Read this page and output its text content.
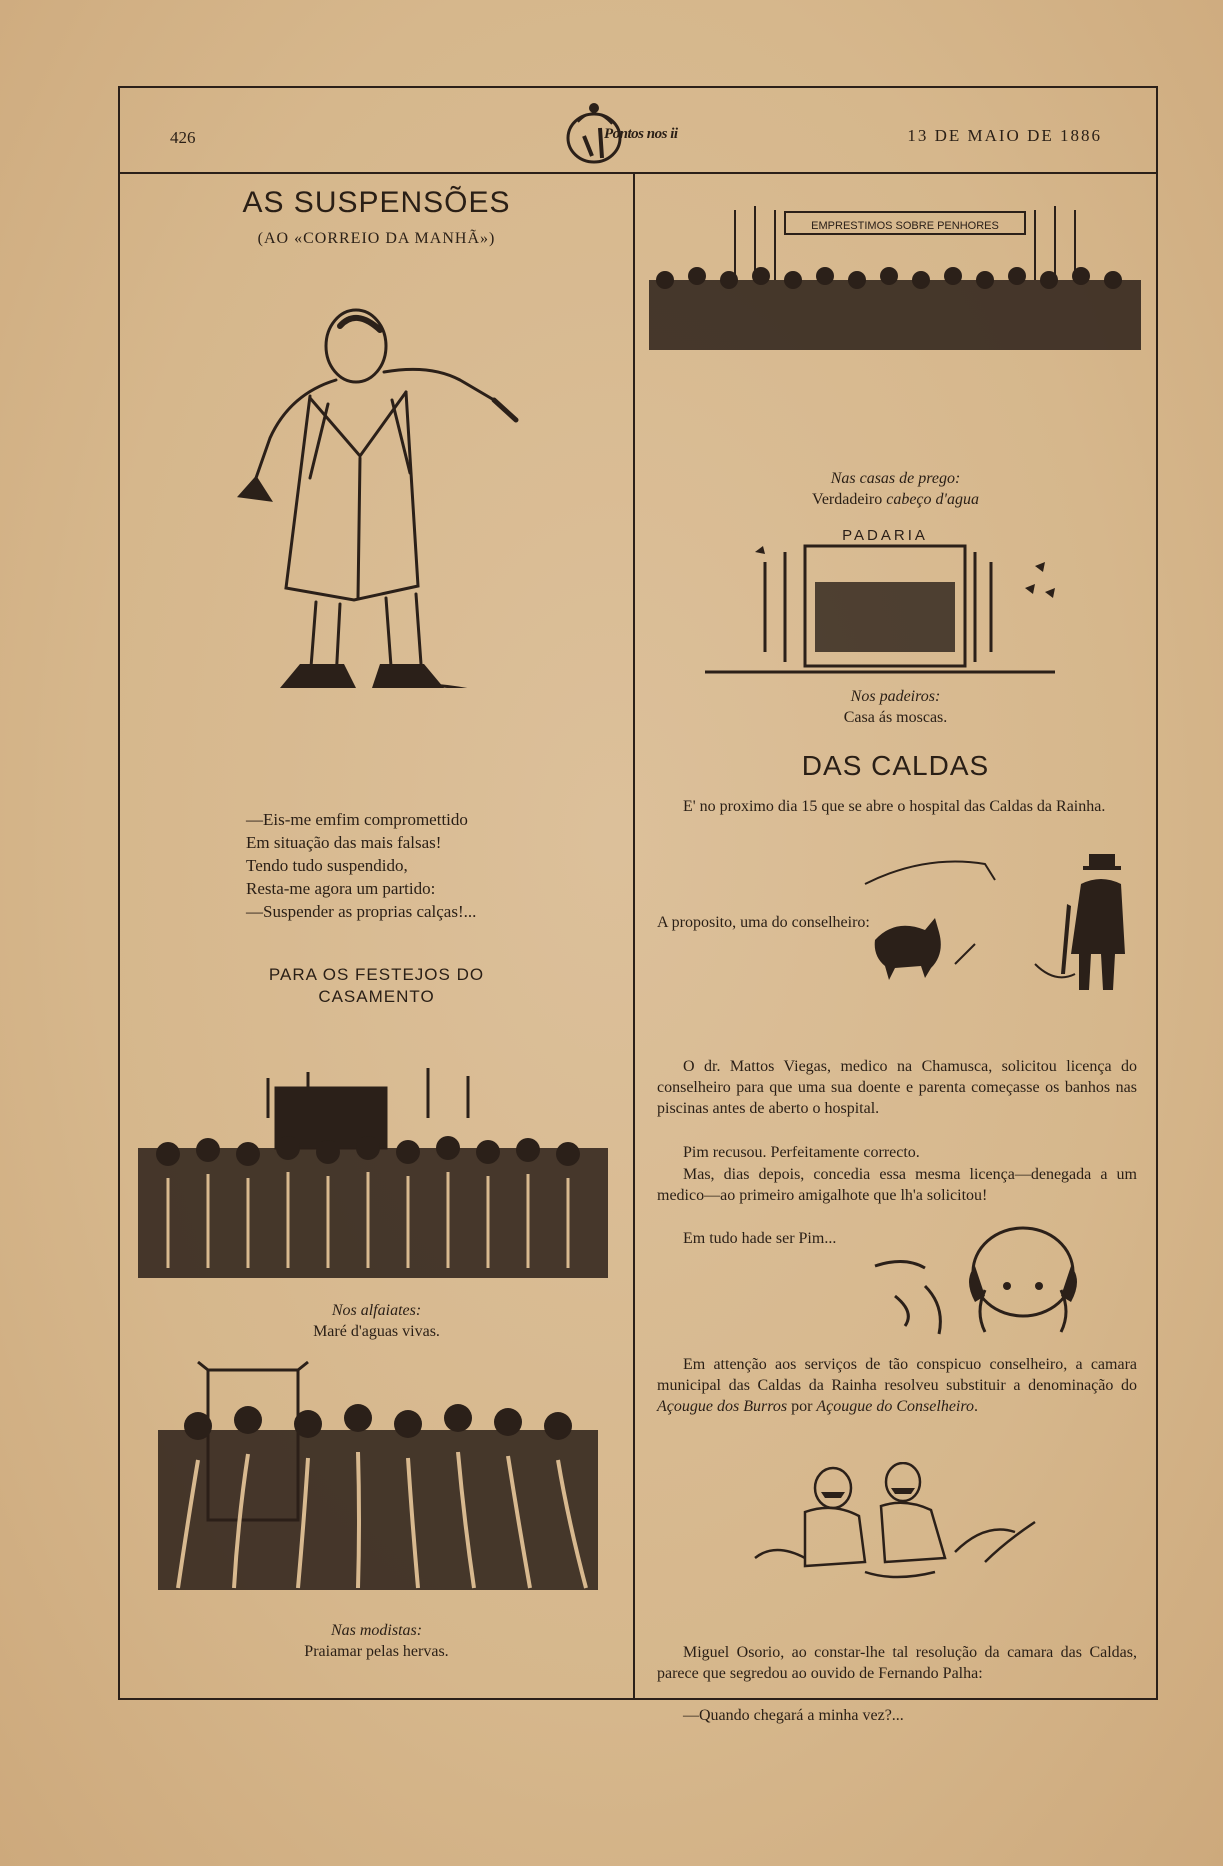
426	Pontos nos ii	13 DE MAIO DE 1886
AS SUSPENSÕES
(AO «CORREIO DA MANHÃ»)
—Eis-me emfim compromettido
Em situação das mais falsas!
Tendo tudo suspendido,
Resta-me agora um partido:
—Suspender as proprias calças!...
PARA OS FESTEJOS DO
CASAMENTO
Nos alfaiates:
Maré d'aguas vivas.
Nas modistas:
Praiamar pelas hervas.
EMPRESTIMOS SOBRE PENHORES
Nas casas de prego:
Verdadeiro cabeço d'agua
PADARIA
Nos padeiros:
Casa ás moscas.
DAS CALDAS
E' no proximo dia 15 que se abre o hospital das Caldas da Rainha.
A proposito, uma do conselheiro:
O dr. Mattos Viegas, medico na Chamusca, solicitou licença do conselheiro para que uma sua doente e parenta começasse os banhos nas piscinas antes de aberto o hospital.
Pim recusou. Perfeitamente correcto.
Mas, dias depois, concedia essa mesma licença—denegada a um medico—ao primeiro amigalhote que lh'a solicitou!
Em tudo hade ser Pim...
Em attenção aos serviços de tão conspicuo conselheiro, a camara municipal das Caldas da Rainha resolveu substituir a denominação do Açougue dos Burros por Açougue do Conselheiro.
Miguel Osorio, ao constar-lhe tal resolução da camara das Caldas, parece que segredou ao ouvido de Fernando Palha:
—Quando chegará a minha vez?...
